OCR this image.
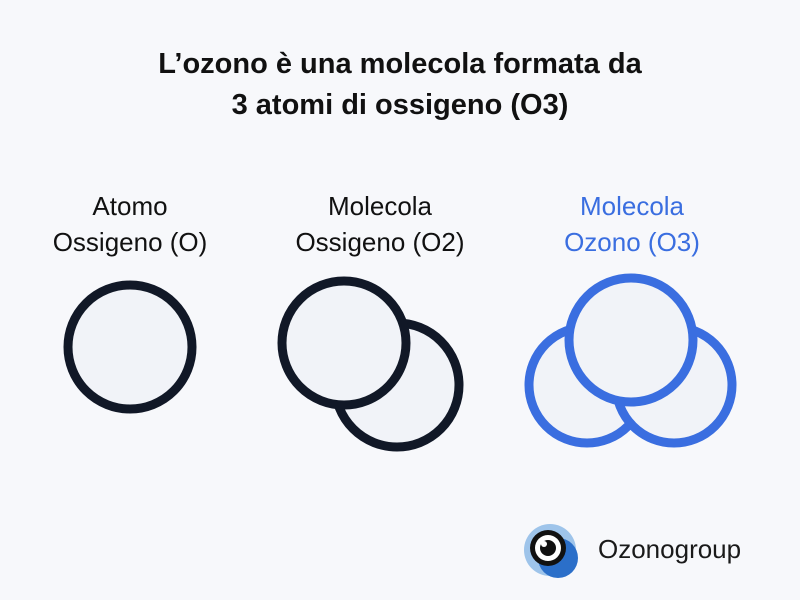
L’ozono è una molecola formata da
3 atomi di ossigeno (O3)
Atomo
Ossigeno (O)
Molecola
Ossigeno (O2)
Molecola
Ozono (O3)
Ozonogroup
